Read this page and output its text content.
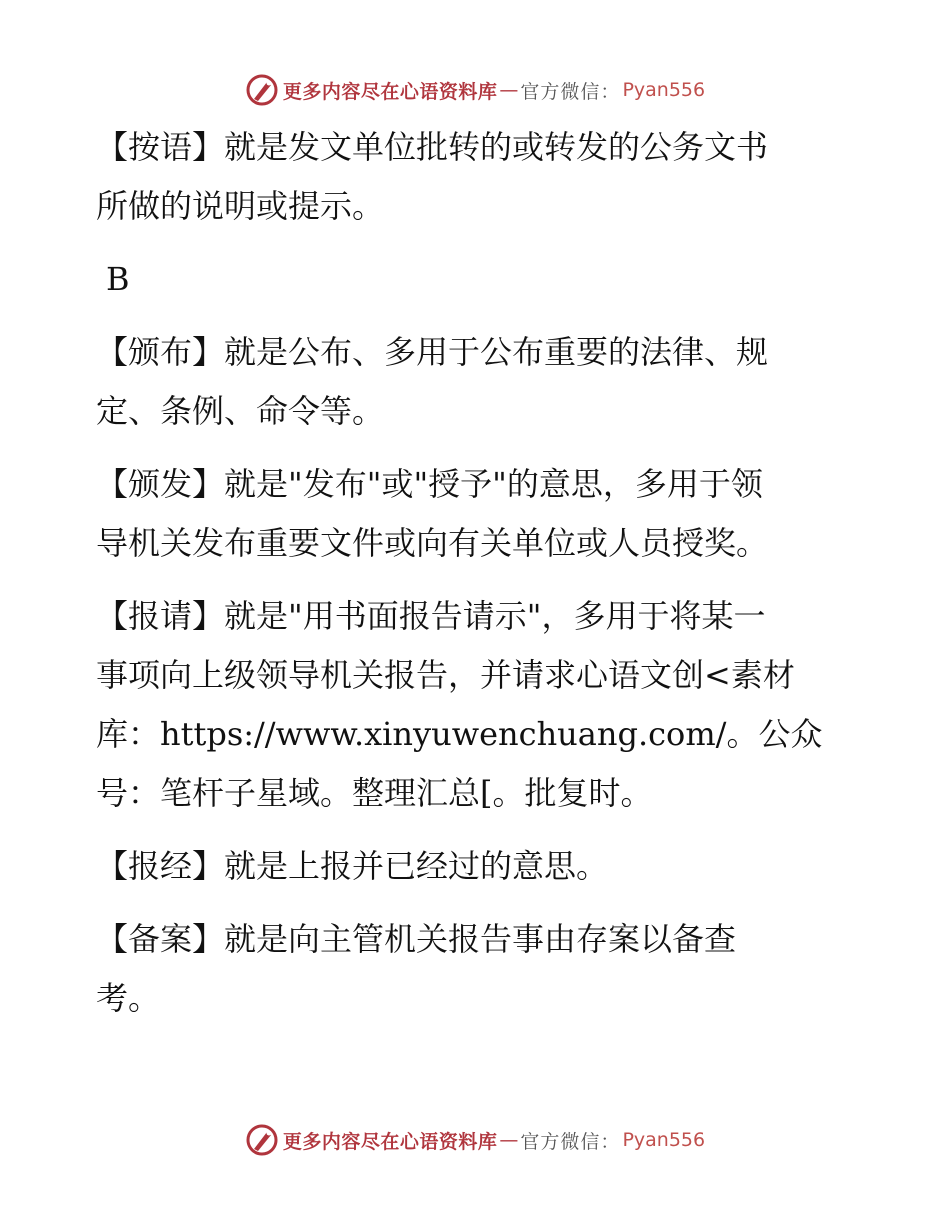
更多内容尽在心语资料库 — 官方微信： Pyan556

【按语】就是发文单位批转的或转发的公务文书
所做的说明或提示。

B

【颁布】就是公布、多用于公布重要的法律、规
定、条例、命令等。

【颁发】就是"发布"或"授予"的意思，多用于领
导机关发布重要文件或向有关单位或人员授奖。

【报请】就是"用书面报告请示"，多用于将某一
事项向上级领导机关报告，并请求心语文创<素材
库：https://www.xinyuwenchuang.com/。公众
号：笔杆子星域。整理汇总[。批复时。

【报经】就是上报并已经过的意思。

【备案】就是向主管机关报告事由存案以备查
考。

更多内容尽在心语资料库 — 官方微信： Pyan556
